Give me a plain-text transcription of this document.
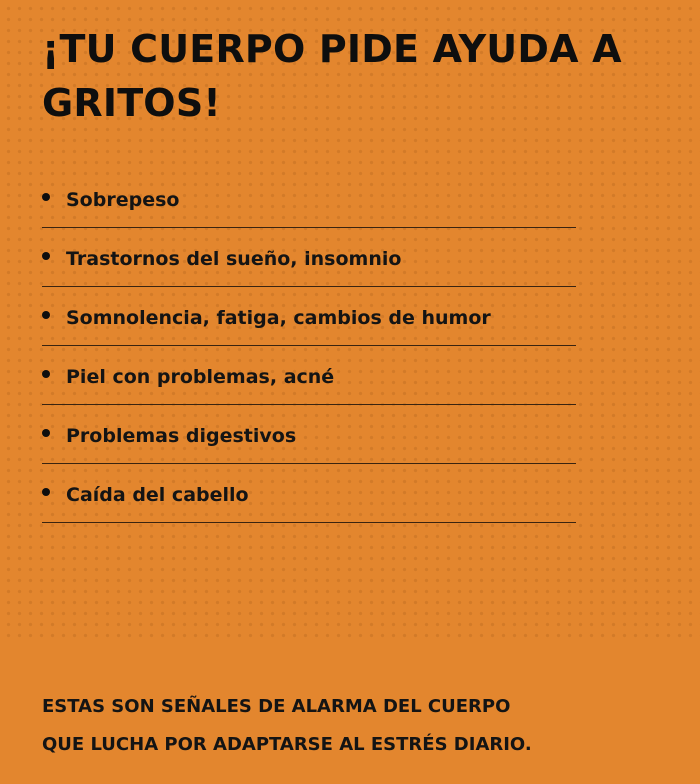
¡TU CUERPO PIDE AYUDA A GRITOS!
Sobrepeso
Trastornos del sueño, insomnio
Somnolencia, fatiga, cambios de humor
Piel con problemas, acné
Problemas digestivos
Caída del cabello

ESTAS SON SEÑALES DE ALARMA DEL CUERPO
QUE LUCHA POR ADAPTARSE AL ESTRÉS DIARIO.
